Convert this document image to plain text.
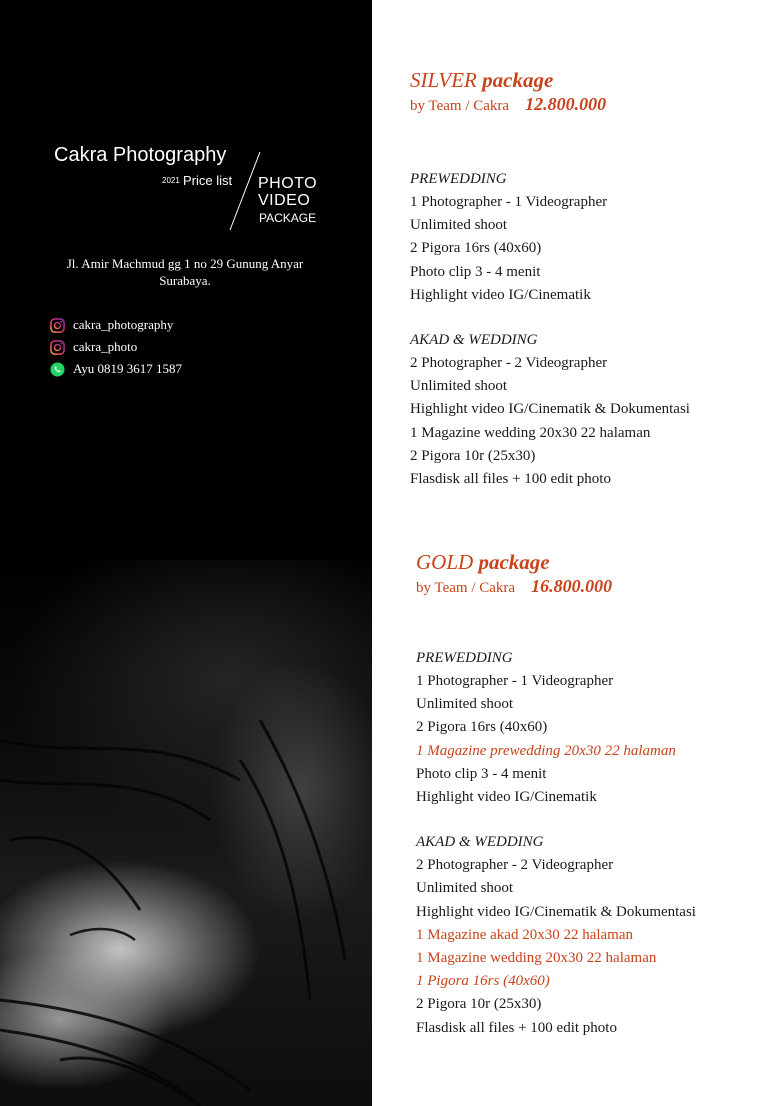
Cakra Photography
2021 Price list PHOTO
VIDEO
PACKAGE
Jl. Amir Machmud gg 1 no 29 Gunung Anyar Surabaya.
cakra_photography
cakra_photo
Ayu 0819 3617 1587
SILVER package
by Team / Cakra 12.800.000
PREWEDDING
1 Photographer - 1 Videographer
Unlimited shoot
2 Pigora 16rs (40x60)
Photo clip 3 - 4 menit
Highlight video IG/Cinematik
AKAD & WEDDING
2 Photographer - 2 Videographer
Unlimited shoot
Highlight video IG/Cinematik & Dokumentasi
1 Magazine wedding 20x30 22 halaman
2 Pigora 10r (25x30)
Flasdisk all files + 100 edit photo
GOLD package
by Team / Cakra 16.800.000
PREWEDDING
1 Photographer - 1 Videographer
Unlimited shoot
2 Pigora 16rs (40x60)
1 Magazine prewedding 20x30 22 halaman
Photo clip 3 - 4 menit
Highlight video IG/Cinematik
AKAD & WEDDING
2 Photographer - 2 Videographer
Unlimited shoot
Highlight video IG/Cinematik & Dokumentasi
1 Magazine akad 20x30 22 halaman
1 Magazine wedding 20x30 22 halaman
1 Pigora 16rs (40x60)
2 Pigora 10r (25x30)
Flasdisk all files + 100 edit photo
